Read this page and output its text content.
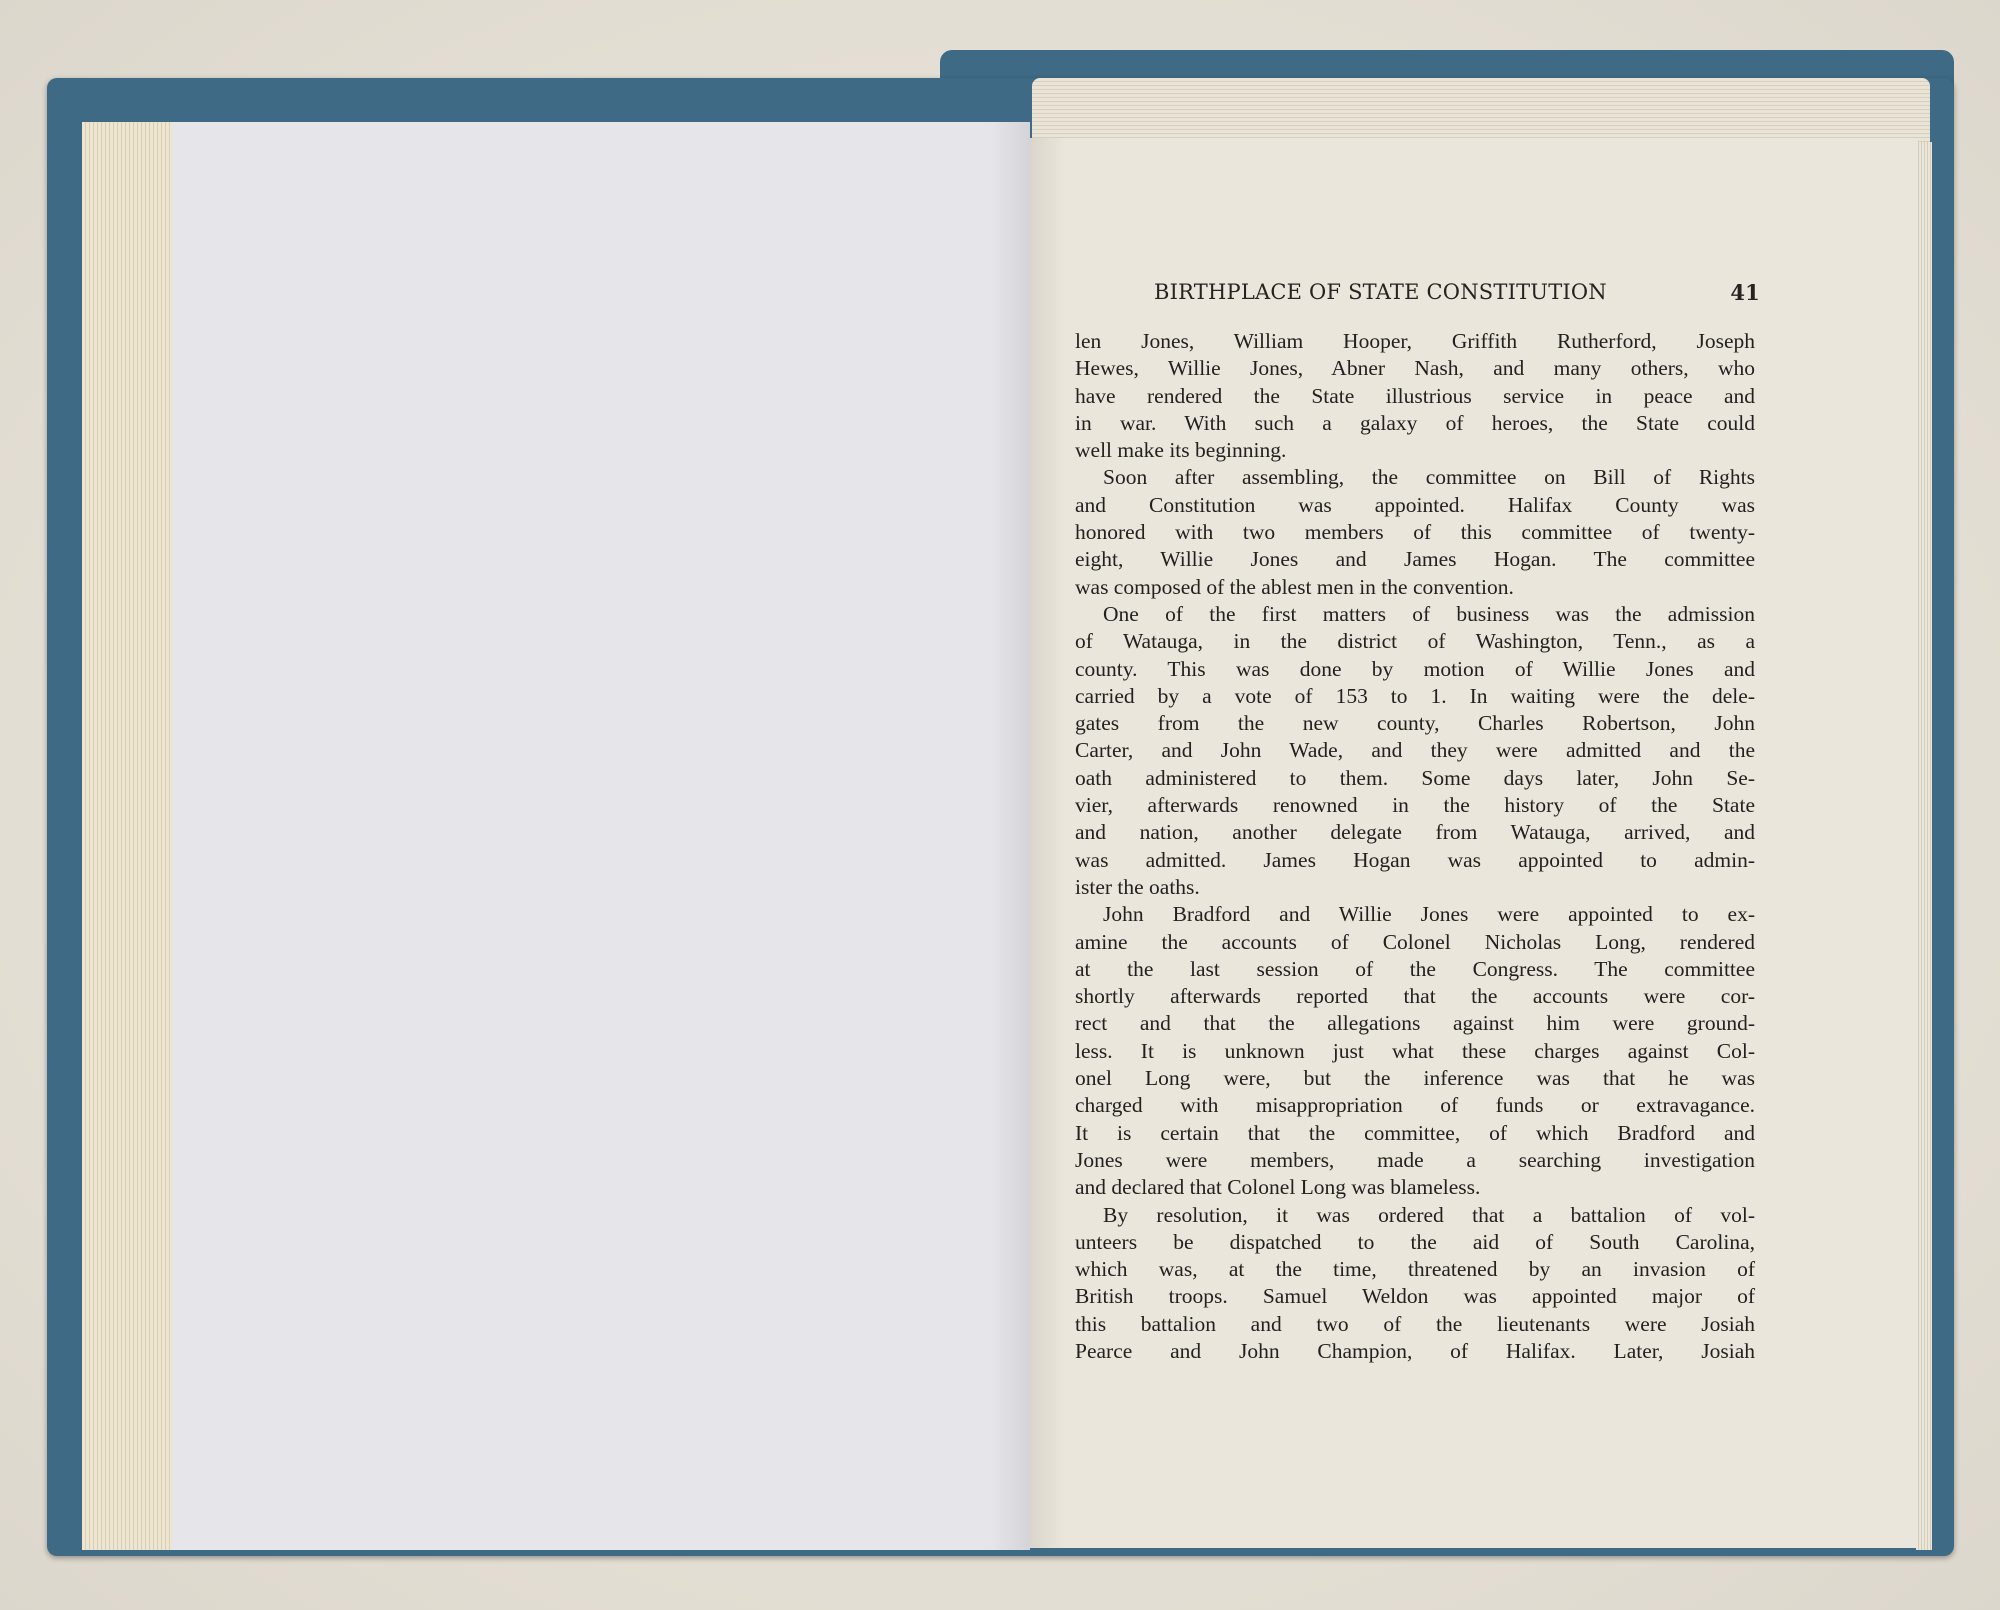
BIRTHPLACE OF STATE CONSTITUTION	41
len Jones, William Hooper, Griffith Rutherford, Joseph
Hewes, Willie Jones, Abner Nash, and many others, who
have rendered the State illustrious service in peace and
in war. With such a galaxy of heroes, the State could
well make its beginning.
Soon after assembling, the committee on Bill of Rights
and Constitution was appointed. Halifax County was
honored with two members of this committee of twenty-
eight, Willie Jones and James Hogan. The committee
was composed of the ablest men in the convention.
One of the first matters of business was the admission
of Watauga, in the district of Washington, Tenn., as a
county. This was done by motion of Willie Jones and
carried by a vote of 153 to 1. In waiting were the dele-
gates from the new county, Charles Robertson, John
Carter, and John Wade, and they were admitted and the
oath administered to them. Some days later, John Se-
vier, afterwards renowned in the history of the State
and nation, another delegate from Watauga, arrived, and
was admitted. James Hogan was appointed to admin-
ister the oaths.
John Bradford and Willie Jones were appointed to ex-
amine the accounts of Colonel Nicholas Long, rendered
at the last session of the Congress. The committee
shortly afterwards reported that the accounts were cor-
rect and that the allegations against him were ground-
less. It is unknown just what these charges against Col-
onel Long were, but the inference was that he was
charged with misappropriation of funds or extravagance.
It is certain that the committee, of which Bradford and
Jones were members, made a searching investigation
and declared that Colonel Long was blameless.
By resolution, it was ordered that a battalion of vol-
unteers be dispatched to the aid of South Carolina,
which was, at the time, threatened by an invasion of
British troops. Samuel Weldon was appointed major of
this battalion and two of the lieutenants were Josiah
Pearce and John Champion, of Halifax. Later, Josiah
